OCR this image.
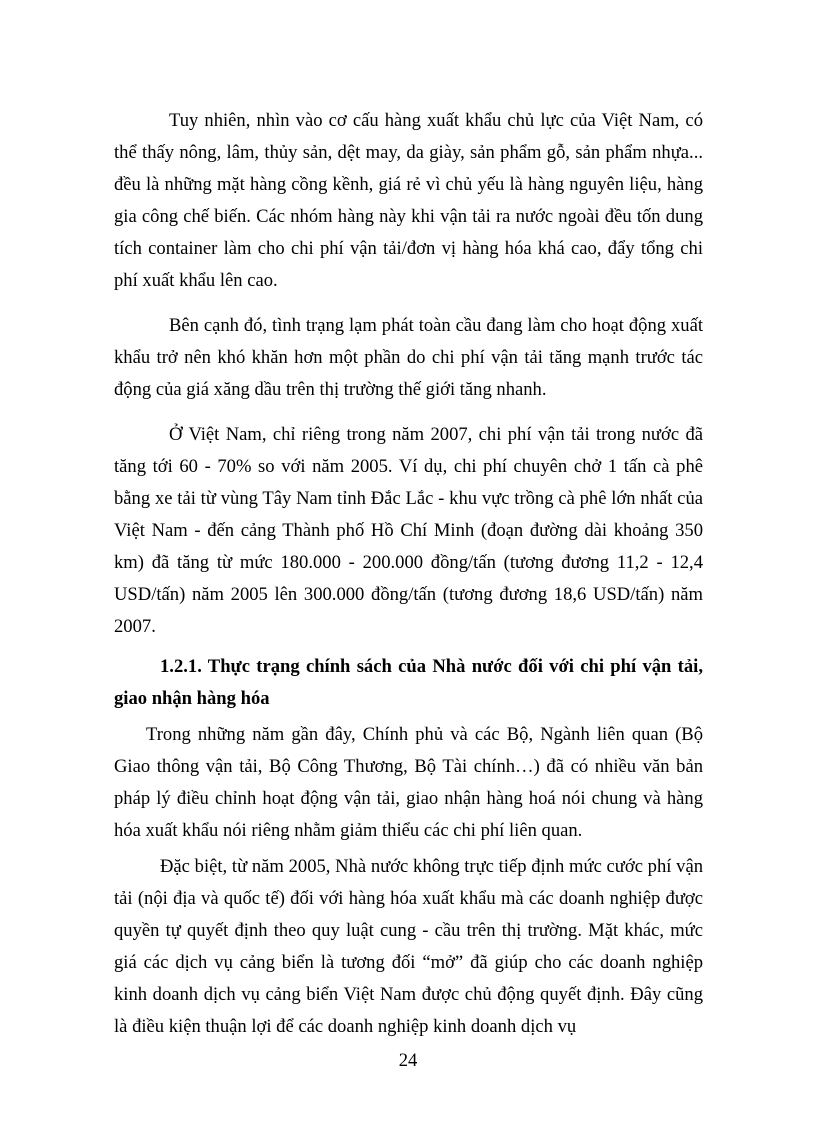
Tuy nhiên, nhìn vào cơ cấu hàng xuất khẩu chủ lực của Việt Nam, có thể thấy nông, lâm, thủy sản, dệt may, da giày, sản phẩm gỗ, sản phẩm nhựa... đều là những mặt hàng cồng kềnh, giá rẻ vì chủ yếu là hàng nguyên liệu, hàng gia công chế biến. Các nhóm hàng này khi vận tải ra nước ngoài đều tốn dung tích container làm cho chi phí vận tải/đơn vị hàng hóa khá cao, đẩy tổng chi phí xuất khẩu lên cao.

Bên cạnh đó, tình trạng lạm phát toàn cầu đang làm cho hoạt động xuất khẩu trở nên khó khăn hơn một phần do chi phí vận tải tăng mạnh trước tác động của giá xăng dầu trên thị trường thế giới tăng nhanh.

Ở Việt Nam, chỉ riêng trong năm 2007, chi phí vận tải trong nước đã tăng tới 60 - 70% so với năm 2005. Ví dụ, chi phí chuyên chở 1 tấn cà phê bằng xe tải từ vùng Tây Nam tỉnh Đắc Lắc - khu vực trồng cà phê lớn nhất của Việt Nam - đến cảng Thành phố Hồ Chí Minh (đoạn đường dài khoảng 350 km) đã tăng từ mức 180.000 - 200.000 đồng/tấn (tương đương 11,2 - 12,4 USD/tấn) năm 2005 lên 300.000 đồng/tấn (tương đương 18,6 USD/tấn) năm 2007.

1.2.1. Thực trạng chính sách của Nhà nước đối với chi phí vận tải, giao nhận hàng hóa

Trong những năm gần đây, Chính phủ và các Bộ, Ngành liên quan (Bộ Giao thông vận tải, Bộ Công Thương, Bộ Tài chính…) đã có nhiều văn bản pháp lý điều chỉnh hoạt động vận tải, giao nhận hàng hoá nói chung và hàng hóa xuất khẩu nói riêng nhằm giảm thiểu các chi phí liên quan.

Đặc biệt, từ năm 2005, Nhà nước không trực tiếp định mức cước phí vận tải (nội địa và quốc tế) đối với hàng hóa xuất khẩu mà các doanh nghiệp được quyền tự quyết định theo quy luật cung - cầu trên thị trường. Mặt khác, mức giá các dịch vụ cảng biển là tương đối “mở” đã giúp cho các doanh nghiệp kinh doanh dịch vụ cảng biển Việt Nam được chủ động quyết định. Đây cũng là điều kiện thuận lợi để các doanh nghiệp kinh doanh dịch vụ

24
